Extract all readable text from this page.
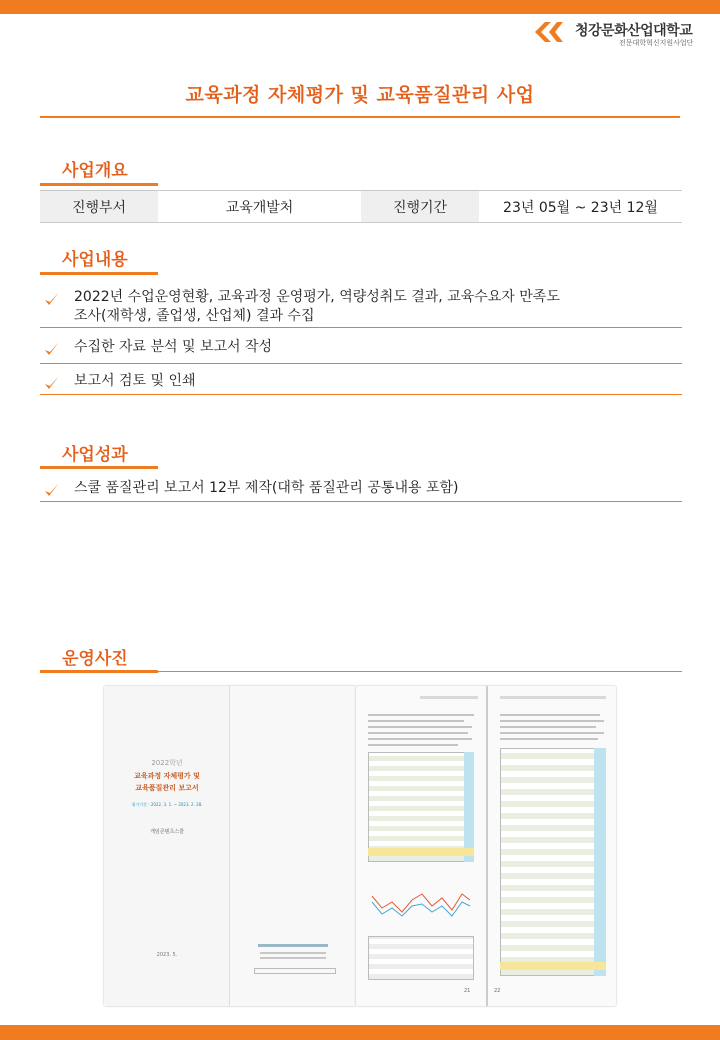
청강문화산업대학교
전문대학혁신지원사업단
교육과정 자체평가 및 교육품질관리 사업
사업개요
진행부서	교육개발처	진행기간	23년 05월 ~ 23년 12월
사업내용
2022년 수업운영현황, 교육과정 운영평가, 역량성취도 결과, 교육수요자 만족도
조사(재학생, 졸업생, 산업체) 결과 수집
수집한 자료 분석 및 보고서 작성
보고서 검토 및 인쇄
사업성과
스쿨 품질관리 보고서 12부 제작(대학 품질관리 공통내용 포함)
운영사진
2022학년
교육과정 자체평가 및
교육품질관리 보고서
평가기간 : 2022. 3. 1. ~ 2023. 2. 28.
게임콘텐츠스쿨
2023. 5.
21	22
